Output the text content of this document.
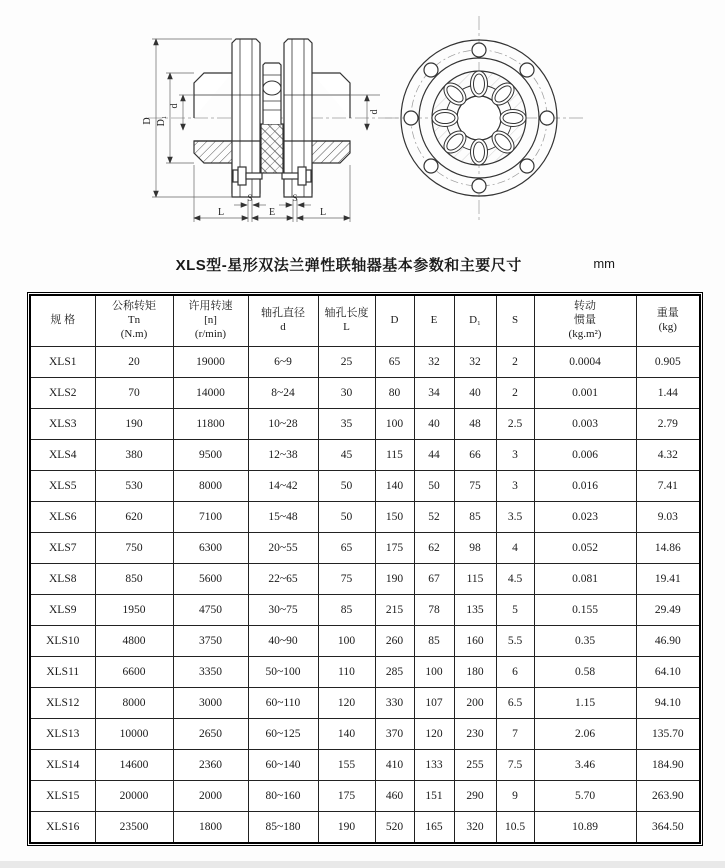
D D₁
d
d
S	S
L	E	L
XLS型-星形双法兰弹性联轴器基本参数和主要尺寸	mm
规 格

公称转矩
Tn
(N.m)

许用转速
[n]
(r/min)

轴孔直径
d

轴孔长度
L

D	E	D₁	S

转动
惯量
(kg.m²)

重量
(kg)

XLS1	20	19000	6~9	25	65	32	32	2	0.0004	0.905
XLS2	70	14000	8~24	30	80	34	40	2	0.001	1.44
XLS3	190	11800	10~28	35	100	40	48	2.5	0.003	2.79
XLS4	380	9500	12~38	45	115	44	66	3	0.006	4.32
XLS5	530	8000	14~42	50	140	50	75	3	0.016	7.41
XLS6	620	7100	15~48	50	150	52	85	3.5	0.023	9.03
XLS7	750	6300	20~55	65	175	62	98	4	0.052	14.86
XLS8	850	5600	22~65	75	190	67	115	4.5	0.081	19.41
XLS9	1950	4750	30~75	85	215	78	135	5	0.155	29.49
XLS10	4800	3750	40~90	100	260	85	160	5.5	0.35	46.90
XLS11	6600	3350	50~100	110	285	100	180	6	0.58	64.10
XLS12	8000	3000	60~110	120	330	107	200	6.5	1.15	94.10
XLS13	10000	2650	60~125	140	370	120	230	7	2.06	135.70
XLS14	14600	2360	60~140	155	410	133	255	7.5	3.46	184.90
XLS15	20000	2000	80~160	175	460	151	290	9	5.70	263.90
XLS16	23500	1800	85~180	190	520	165	320	10.5	10.89	364.50
